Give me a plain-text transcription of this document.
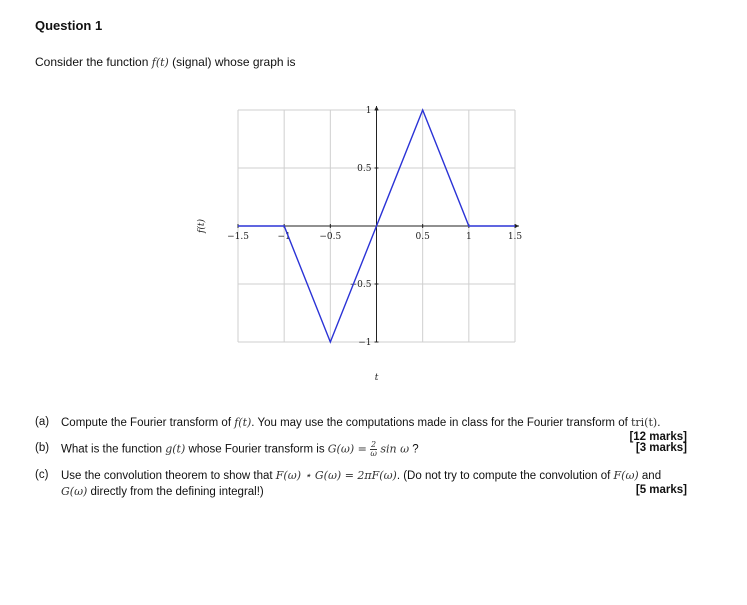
Question 1
Consider the function f(t) (signal) whose graph is
−1.5	−1	−0.5	0.5	1	1.5
1
0.5
−0.5
−1
t
f(t)
(a) Compute the Fourier transform of f(t). You may use the computations made in class for the Fourier transform of tri(t).
[12 marks]
(b) What is the function g(t) whose Fourier transform is $G(\omega) = \frac{2}{\omega}$ sin ω ?	[3 marks]
(c) Use the convolution theorem to show that F(ω) ⋆ G(ω) = 2πF(ω). (Do not try to compute the convolution of F(ω) and G(ω) directly from the defining integral!)	[5 marks]
